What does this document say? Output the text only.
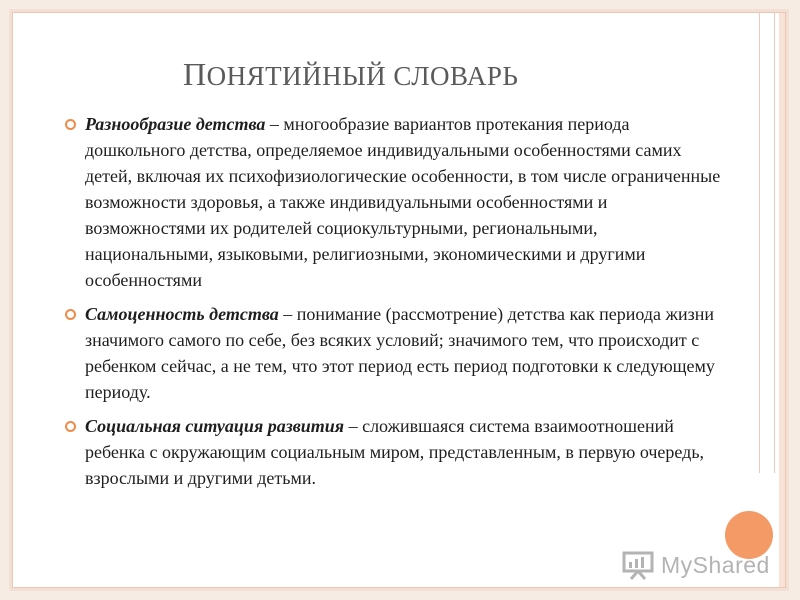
ПОНЯТИЙНЫЙ СЛОВАРЬ
Разнообразие детства – многообразие вариантов протекания периода дошкольного детства, определяемое индивидуальными особенностями самих детей, включая их психофизиологические особенности, в том числе ограниченные возможности здоровья, а также индивидуальными особенностями и возможностями их родителей социокультурными, региональными, национальными, языковыми, религиозными, экономическими и другими особенностями
Самоценность детства – понимание (рассмотрение) детства как периода жизни значимого самого по себе, без всяких условий; значимого тем, что происходит с ребенком сейчас, а не тем, что этот период есть период подготовки к следующему периоду.
Социальная ситуация развития – сложившаяся система взаимоотношений ребенка с окружающим социальным миром, представленным, в первую очередь, взрослыми и другими детьми.
MyShared
